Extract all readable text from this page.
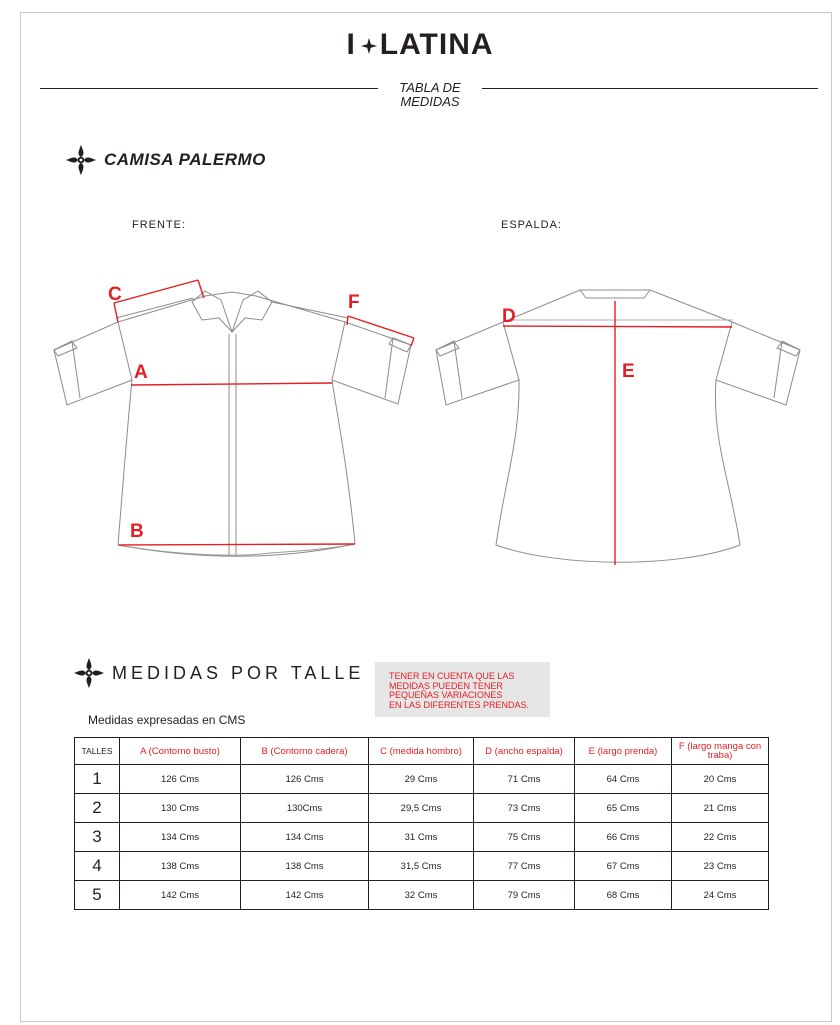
I LATINA
TABLA DE
MEDIDAS
CAMISA PALERMO
FRENTE:	ESPALDA:
C	F
A
B
D
E
MEDIDAS POR TALLE	TENER EN CUENTA QUE LAS
MEDIDAS PUEDEN TENER
PEQUEÑAS VARIACIONES
EN LAS DIFERENTES PRENDAS.
Medidas expresadas en CMS
TALLES	A (Contorno busto)	B (Contorno cadera)	C (medida hombro)	D (ancho espalda)	E (largo prenda)	F (largo manga con traba)
1	126 Cms	126 Cms	29 Cms	71 Cms	64 Cms	20 Cms
2	130 Cms	130Cms	29,5 Cms	73 Cms	65 Cms	21 Cms
3	134 Cms	134 Cms	31 Cms	75 Cms	66 Cms	22 Cms
4	138 Cms	138 Cms	31,5 Cms	77 Cms	67 Cms	23 Cms
5	142 Cms	142 Cms	32 Cms	79 Cms	68 Cms	24 Cms
